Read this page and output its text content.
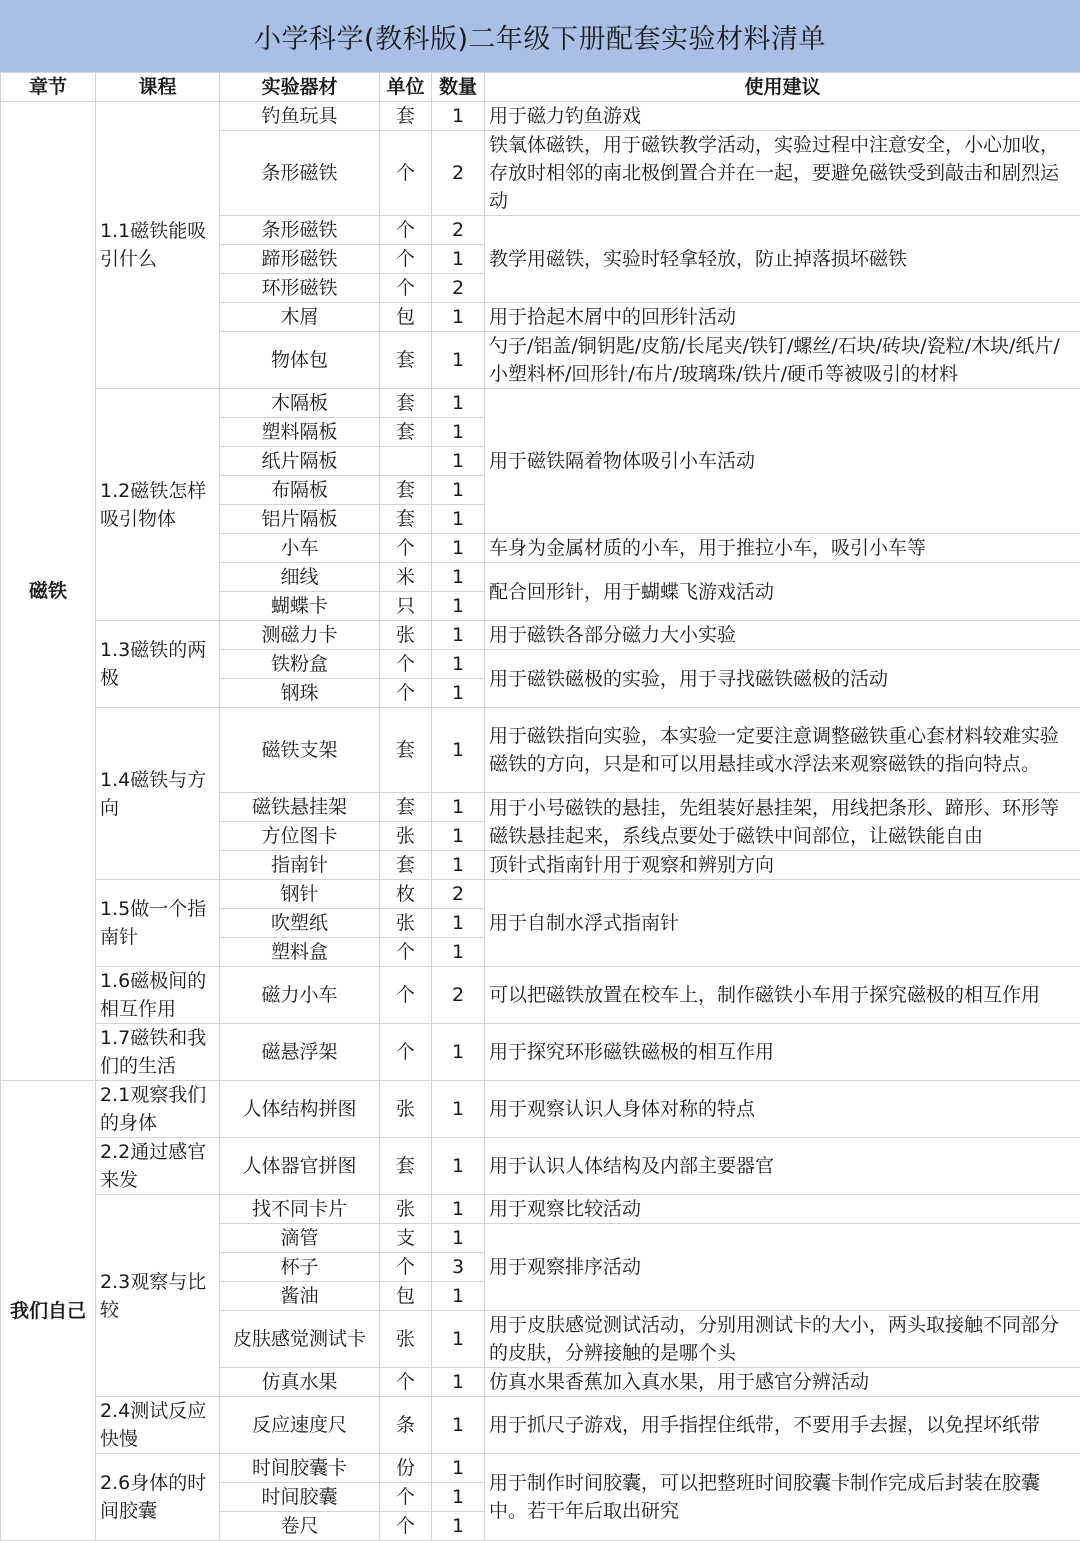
小学科学(教科版)二年级下册配套实验材料清单
章节	课程	实验器材	单位	数量	使用建议
磁铁	1.1磁铁能吸引什么	钓鱼玩具	套	1	用于磁力钓鱼游戏
		条形磁铁	个	2	铁氧体磁铁，用于磁铁教学活动，实验过程中注意安全，小心加收，存放时相邻的南北极倒置合并在一起，要避免磁铁受到敲击和剧烈运动
		条形磁铁	个	2	教学用磁铁，实验时轻拿轻放，防止掉落损坏磁铁
		蹄形磁铁	个	1	
		环形磁铁	个	2	
		木屑	包	1	用于拾起木屑中的回形针活动
		物体包	套	1	勺子/铝盖/铜钥匙/皮筋/长尾夹/铁钉/螺丝/石块/砖块/瓷粒/木块/纸片/小塑料杯/回形针/布片/玻璃珠/铁片/硬币等被吸引的材料
	1.2磁铁怎样吸引物体	木隔板	套	1	用于磁铁隔着物体吸引小车活动
		塑料隔板	套	1	
		纸片隔板		1	
		布隔板	套	1	
		铝片隔板	套	1	
		小车	个	1	车身为金属材质的小车，用于推拉小车，吸引小车等
		细线	米	1	配合回形针，用于蝴蝶飞游戏活动
		蝴蝶卡	只	1	
	1.3磁铁的两极	测磁力卡	张	1	用于磁铁各部分磁力大小实验
		铁粉盒	个	1	用于磁铁磁极的实验，用于寻找磁铁磁极的活动
		钢珠	个	1	
	1.4磁铁与方向	磁铁支架	套	1	用于磁铁指向实验，本实验一定要注意调整磁铁重心套材料较难实验磁铁的方向，只是和可以用悬挂或水浮法来观察磁铁的指向特点。
		磁铁悬挂架	套	1	用于小号磁铁的悬挂，先组装好悬挂架，用线把条形、蹄形、环形等磁铁悬挂起来，系线点要处于磁铁中间部位，让磁铁能自由
		方位图卡	张	1	
		指南针	套	1	顶针式指南针用于观察和辨别方向
	1.5做一个指南针	钢针	枚	2	用于自制水浮式指南针
		吹塑纸	张	1	
		塑料盒	个	1	
	1.6磁极间的相互作用	磁力小车	个	2	可以把磁铁放置在校车上，制作磁铁小车用于探究磁极的相互作用
	1.7磁铁和我们的生活	磁悬浮架	个	1	用于探究环形磁铁磁极的相互作用
我们自己	2.1观察我们的身体	人体结构拼图	张	1	用于观察认识人身体对称的特点
	2.2通过感官来发	人体器官拼图	套	1	用于认识人体结构及内部主要器官
	2.3观察与比较	找不同卡片	张	1	用于观察比较活动
		滴管	支	1	用于观察排序活动
		杯子	个	3	
		酱油	包	1	
		皮肤感觉测试卡	张	1	用于皮肤感觉测试活动，分别用测试卡的大小，两头取接触不同部分的皮肤，分辨接触的是哪个头
		仿真水果	个	1	仿真水果香蕉加入真水果，用于感官分辨活动
	2.4测试反应快慢	反应速度尺	条	1	用于抓尺子游戏，用手指捏住纸带，不要用手去握，以免捏坏纸带
	2.6身体的时间胶囊	时间胶囊卡	份	1	用于制作时间胶囊，可以把整班时间胶囊卡制作完成后封装在胶囊中。若干年后取出研究
		时间胶囊	个	1	
		卷尺	个	1	
